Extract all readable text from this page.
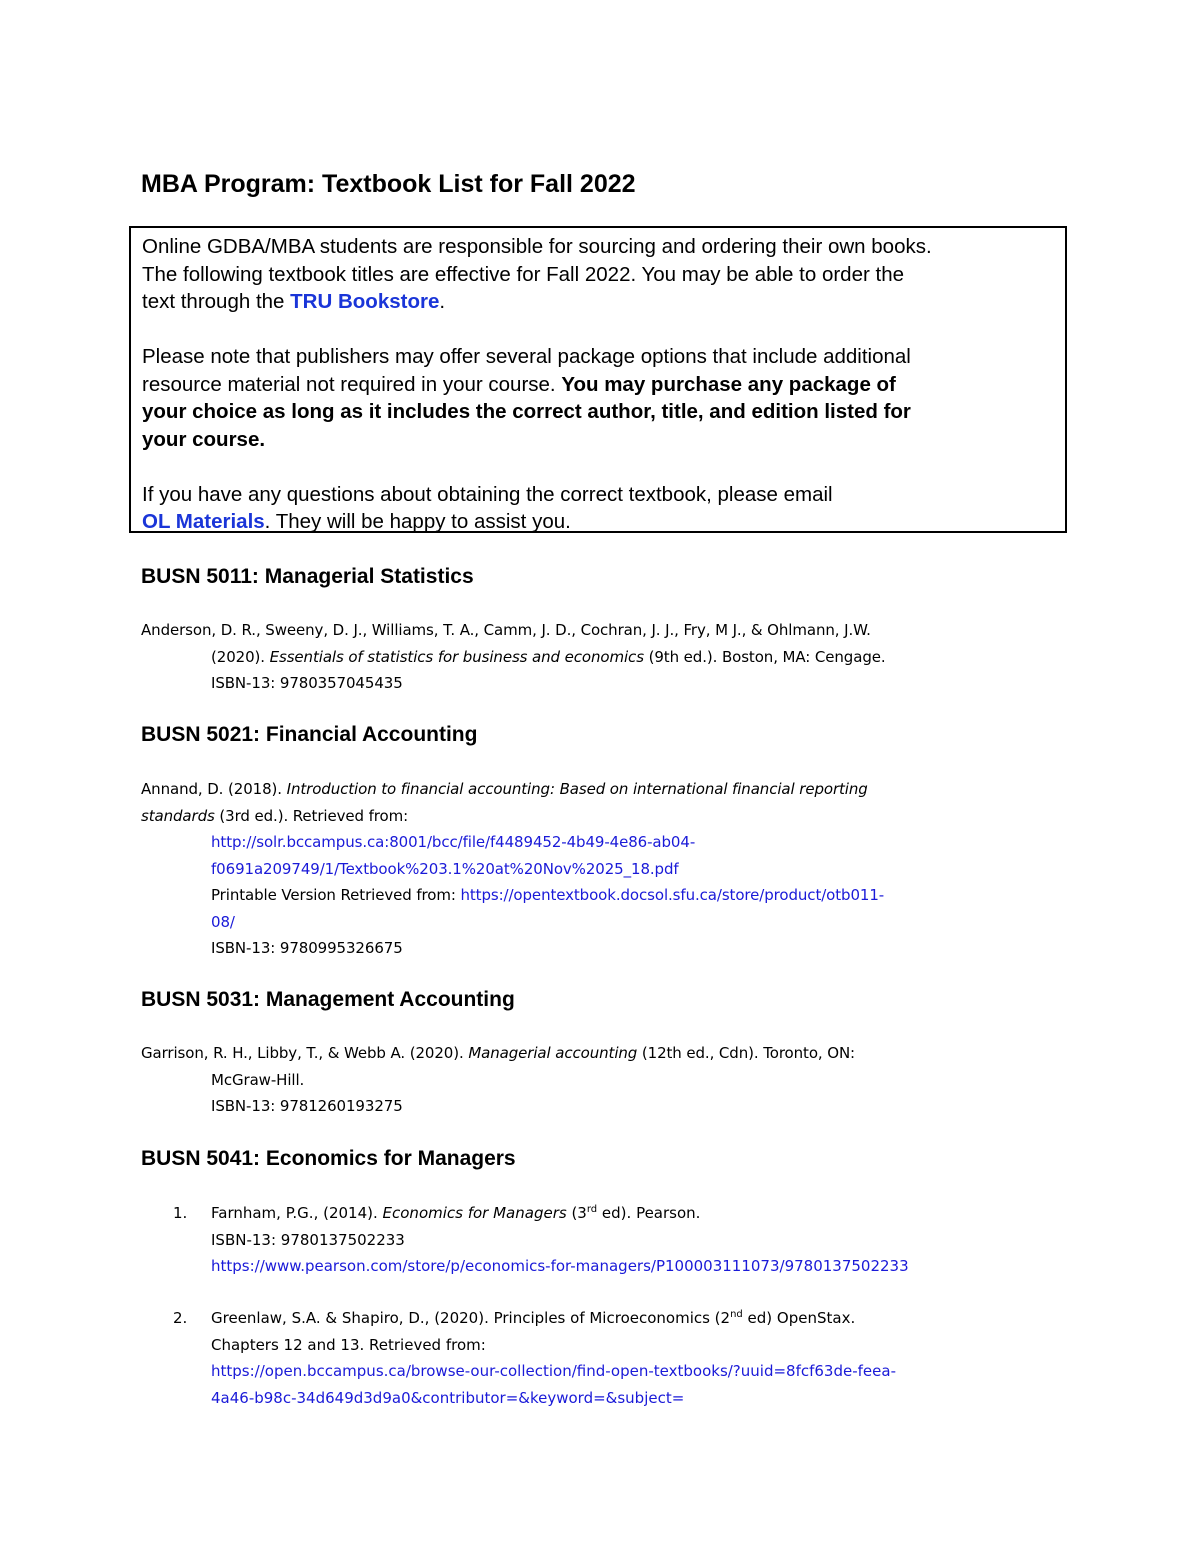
MBA Program: Textbook List for Fall 2022

Online GDBA/MBA students are responsible for sourcing and ordering their own books.
The following textbook titles are effective for Fall 2022. You may be able to order the
text through the TRU Bookstore.

Please note that publishers may offer several package options that include additional
resource material not required in your course. You may purchase any package of
your choice as long as it includes the correct author, title, and edition listed for
your course.

If you have any questions about obtaining the correct textbook, please email
OL Materials. They will be happy to assist you.

BUSN 5011: Managerial Statistics
Anderson, D. R., Sweeny, D. J., Williams, T. A., Camm, J. D., Cochran, J. J., Fry, M J., & Ohlmann, J.W.
(2020). Essentials of statistics for business and economics (9th ed.). Boston, MA: Cengage.
ISBN-13: 9780357045435
BUSN 5021: Financial Accounting
Annand, D. (2018). Introduction to financial accounting: Based on international financial reporting
standards (3rd ed.). Retrieved from:
http://solr.bccampus.ca:8001/bcc/file/f4489452-4b49-4e86-ab04-
f0691a209749/1/Textbook%203.1%20at%20Nov%2025_18.pdf
Printable Version Retrieved from: https://opentextbook.docsol.sfu.ca/store/product/otb011-
08/
ISBN-13: 9780995326675
BUSN 5031: Management Accounting
Garrison, R. H., Libby, T., & Webb A. (2020). Managerial accounting (12th ed., Cdn). Toronto, ON:
McGraw-Hill.
ISBN-13: 9781260193275
BUSN 5041: Economics for Managers
1.	Farnham, P.G., (2014). Economics for Managers (3rd ed). Pearson.
ISBN-13: 9780137502233
https://www.pearson.com/store/p/economics-for-managers/P100003111073/9780137502233
2.	Greenlaw, S.A. & Shapiro, D., (2020). Principles of Microeconomics (2nd ed) OpenStax.
Chapters 12 and 13. Retrieved from:
https://open.bccampus.ca/browse-our-collection/find-open-textbooks/?uuid=8fcf63de-feea-
4a46-b98c-34d649d3d9a0&contributor=&keyword=&subject=
